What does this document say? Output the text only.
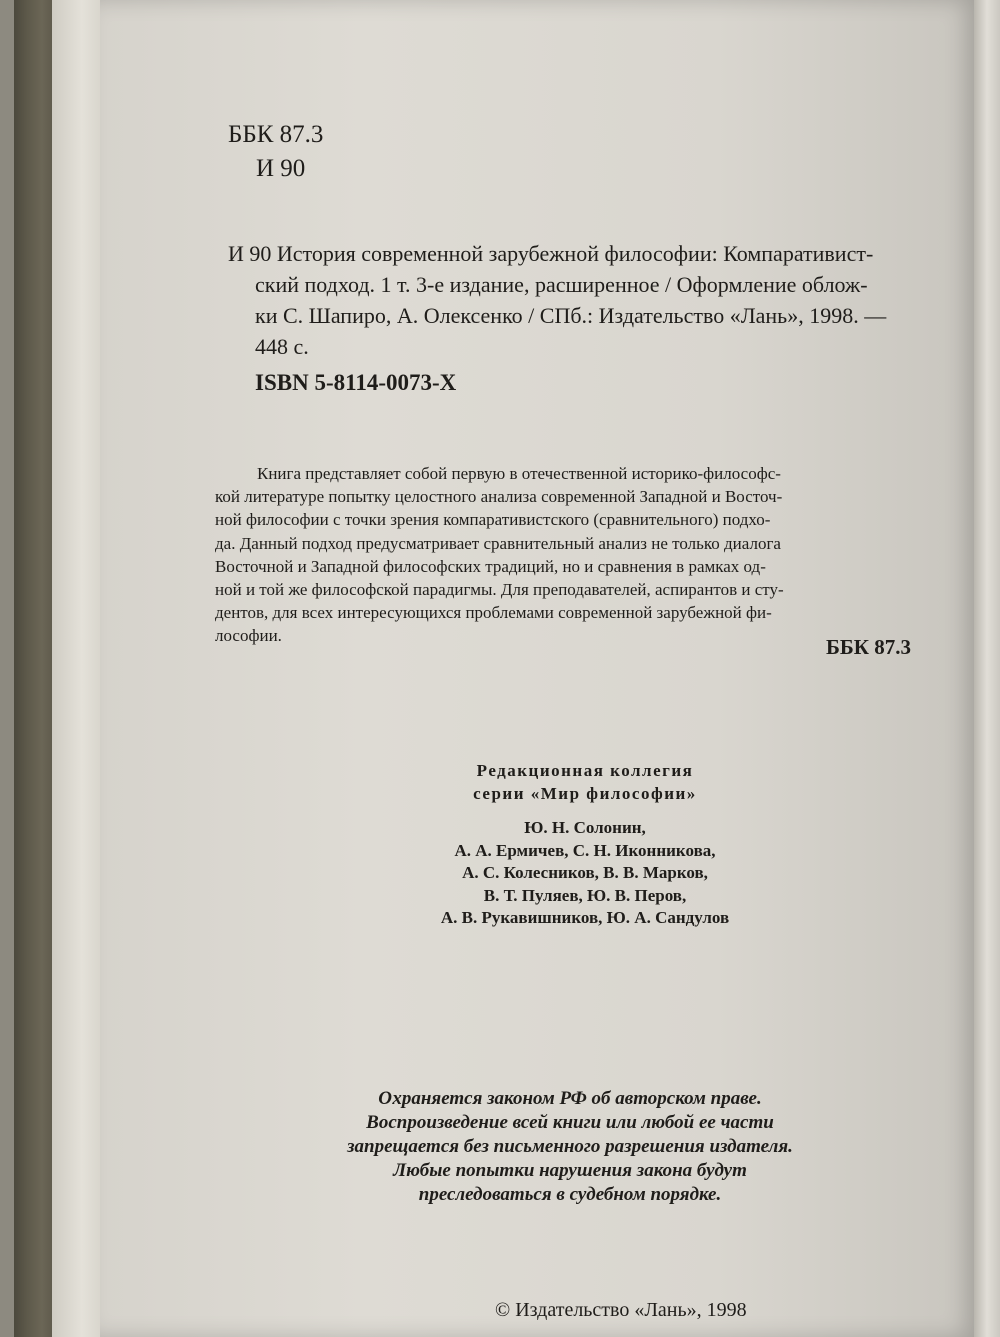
ББК 87.3
И 90
И 90 История современной зарубежной философии: Компаративист-
ский подход. 1 т. 3-е издание, расширенное / Оформление облож-
ки С. Шапиро, А. Олексенко / СПб.: Издательство «Лань», 1998. —
448 с.
ISBN 5-8114-0073-X
Книга представляет собой первую в отечественной историко-философс-
кой литературе попытку целостного анализа современной Западной и Восточ-
ной философии с точки зрения компаративистского (сравнительного) подхо-
да. Данный подход предусматривает сравнительный анализ не только диалога
Восточной и Западной философских традиций, но и сравнения в рамках од-
ной и той же философской парадигмы. Для преподавателей, аспирантов и сту-
дентов, для всех интересующихся проблемами современной зарубежной фи-
лософии.	ББК 87.3
Редакционная коллегия
серии «Мир философии»
Ю. Н. Солонин,
А. А. Ермичев, С. Н. Иконникова,
А. С. Колесников, В. В. Марков,
В. Т. Пуляев, Ю. В. Перов,
А. В. Рукавишников, Ю. А. Сандулов
Охраняется законом РФ об авторском праве.
Воспроизведение всей книги или любой ее части
запрещается без письменного разрешения издателя.
Любые попытки нарушения закона будут
преследоваться в судебном порядке.
© Издательство «Лань», 1998
